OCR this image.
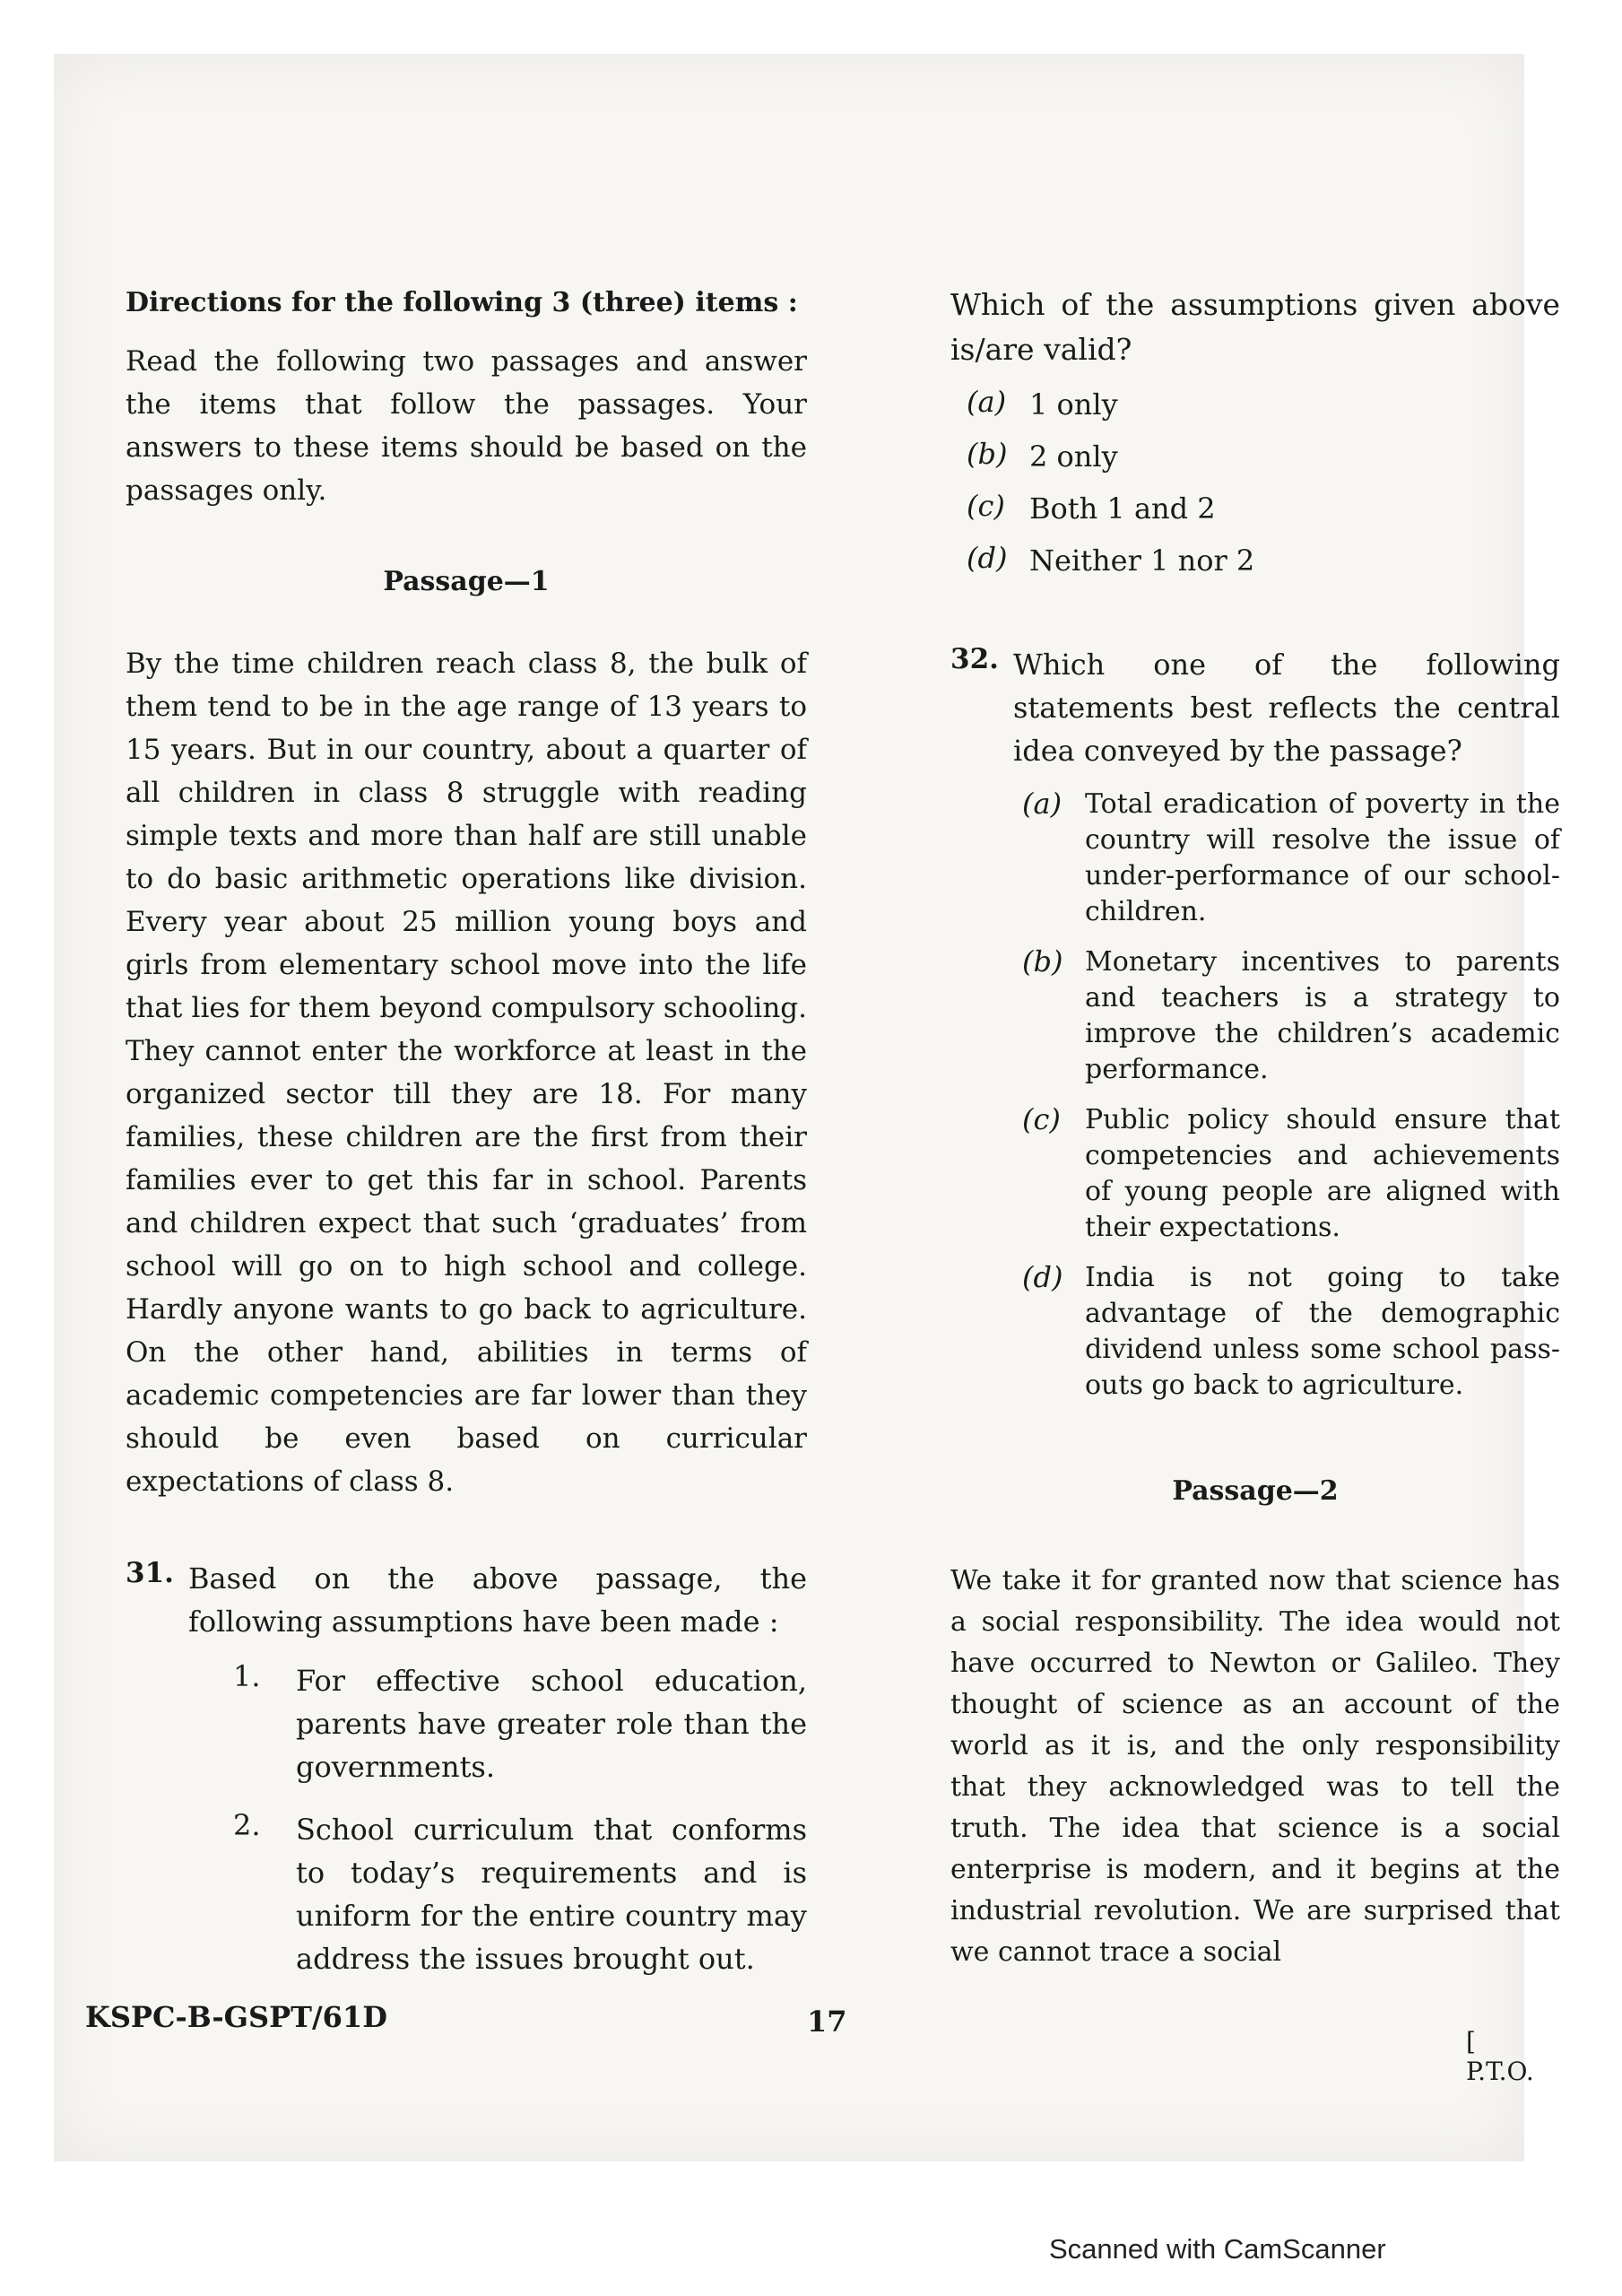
Directions for the following 3 (three) items :

Read the following two passages and answer the items that follow the passages. Your answers to these items should be based on the passages only.

Passage—1

By the time children reach class 8, the bulk of them tend to be in the age range of 13 years to 15 years. But in our country, about a quarter of all children in class 8 struggle with reading simple texts and more than half are still unable to do basic arithmetic operations like division. Every year about 25 million young boys and girls from elementary school move into the life that lies for them beyond compulsory schooling. They cannot enter the workforce at least in the organized sector till they are 18. For many families, these children are the first from their families ever to get this far in school. Parents and children expect that such ‘graduates’ from school will go on to high school and college. Hardly anyone wants to go back to agriculture. On the other hand, abilities in terms of academic competencies are far lower than they should be even based on curricular expectations of class 8.

31. Based on the above passage, the following assumptions have been made :
1.	For effective school education, parents have greater role than the governments.
2.	School curriculum that conforms to today’s requirements and is uniform for the entire country may address the issues brought out.

Which of the assumptions given above is/are valid?

(a) 1 only
(b) 2 only
(c) Both 1 and 2
(d) Neither 1 nor 2
32. Which one of the following statements best reflects the central idea conveyed by the passage?
(a) Total eradication of poverty in the country will resolve the issue of under-performance of our school-children.
(b) Monetary incentives to parents and teachers is a strategy to improve the children’s academic performance.
(c) Public policy should ensure that competencies and achievements of young people are aligned with their expectations.
(d) India is not going to take advantage of the demographic dividend unless some school pass-outs go back to agriculture.

Passage—2

We take it for granted now that science has a social responsibility. The idea would not have occurred to Newton or Galileo. They thought of science as an account of the world as it is, and the only responsibility that they acknowledged was to tell the truth. The idea that science is a social enterprise is modern, and it begins at the industrial revolution. We are surprised that we cannot trace a social

[ P.T.O.
KSPC-B-GSPT/61D	17
Scanned with CamScanner
